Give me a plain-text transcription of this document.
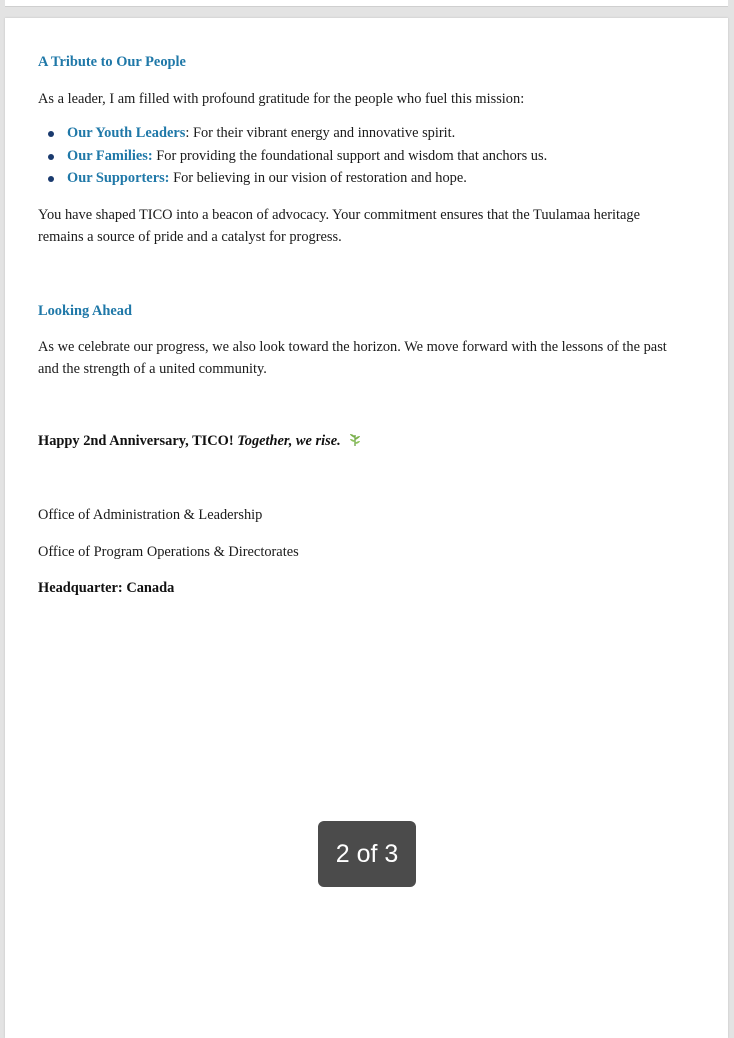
A Tribute to Our People
As a leader, I am filled with profound gratitude for the people who fuel this mission:
Our Youth Leaders: For their vibrant energy and innovative spirit.
Our Families: For providing the foundational support and wisdom that anchors us.
Our Supporters: For believing in our vision of restoration and hope.
You have shaped TICO into a beacon of advocacy. Your commitment ensures that the Tuulamaa heritage remains a source of pride and a catalyst for progress.
Looking Ahead
As we celebrate our progress, we also look toward the horizon. We move forward with the lessons of the past and the strength of a united community.
Happy 2nd Anniversary, TICO! Together, we rise.
Office of Administration & Leadership
Office of Program Operations & Directorates
Headquarter: Canada
2 of 3
